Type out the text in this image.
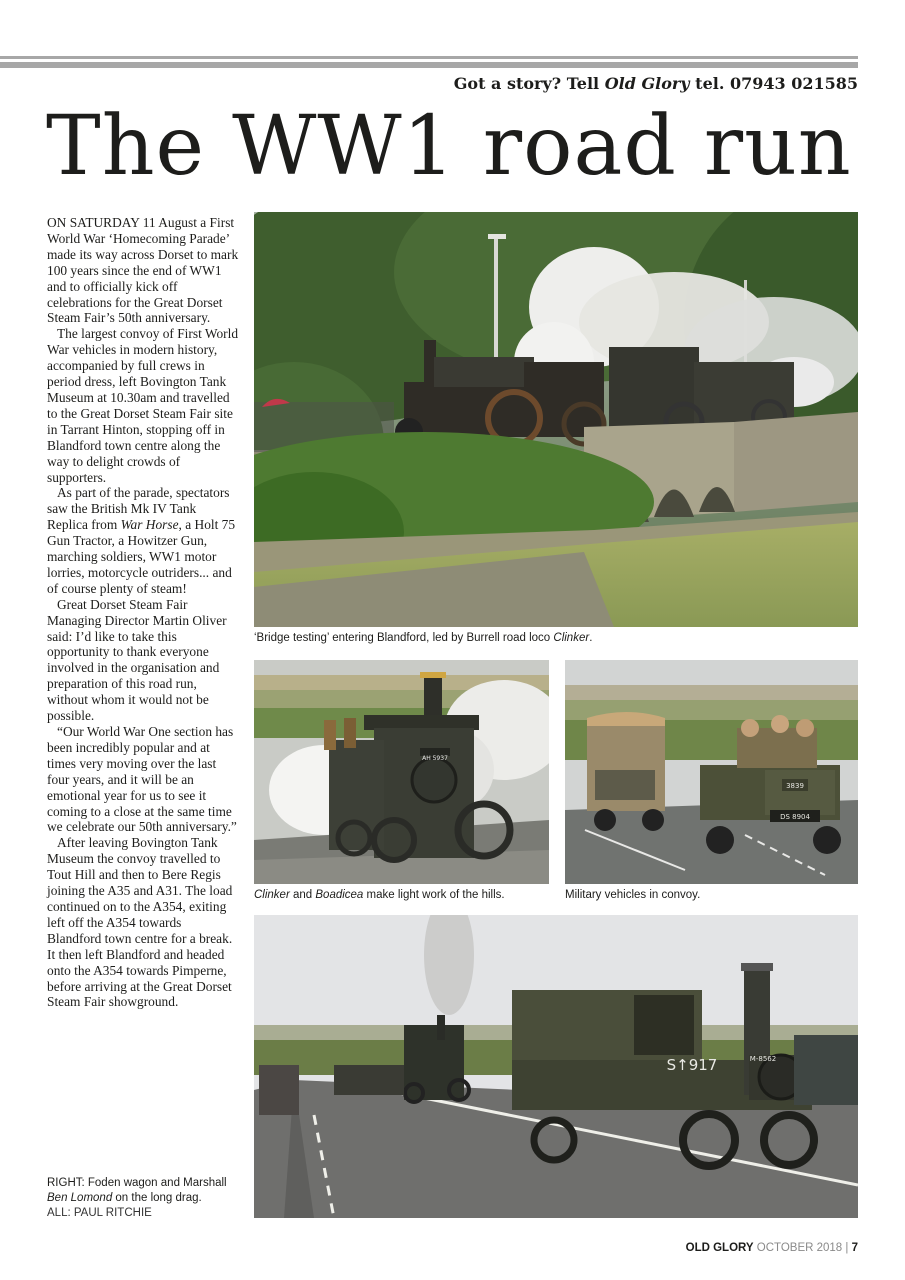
Got a story? Tell Old Glory tel. 07943 021585
The WW1 road run

ON SATURDAY 11 August a First World War ‘Homecoming Parade’ made its way across Dorset to mark 100 years since the end of WW1 and to officially kick off celebrations for the Great Dorset Steam Fair’s 50th anniversary.

The largest convoy of First World War vehicles in modern history, accompanied by full crews in period dress, left Bovington Tank Museum at 10.30am and travelled to the Great Dorset Steam Fair site in Tarrant Hinton, stopping off in Blandford town centre along the way to delight crowds of supporters.

As part of the parade, spectators saw the British Mk IV Tank Replica from War Horse, a Holt 75 Gun Tractor, a Howitzer Gun, marching soldiers, WW1 motor lorries, motorcycle outriders... and of course plenty of steam!

Great Dorset Steam Fair Managing Director Martin Oliver said: I’d like to take this opportunity to thank everyone involved in the organisation and preparation of this road run, without whom it would not be possible.

“Our World War One section has been incredibly popular and at times very moving over the last four years, and it will be an emotional year for us to see it coming to a close at the same time we celebrate our 50th anniversary.”

After leaving Bovington Tank Museum the convoy travelled to Tout Hill and then to Bere Regis joining the A35 and A31. The load continued on to the A354, exiting left off the A354 towards Blandford town centre for a break. It then left Blandford and headed onto the A354 towards Pimperne, before arriving at the Great Dorset Steam Fair showground.

‘Bridge testing’ entering Blandford, led by Burrell road loco Clinker.
AH 5937
Clinker and Boadicea make light work of the hills.
3839
DS 8904
Military vehicles in convoy.
S↑917	M-8562
RIGHT: Foden wagon and Marshall Ben Lomond on the long drag.
ALL: PAUL RITCHIE
OLD GLORY OCTOBER 2018 | 7
